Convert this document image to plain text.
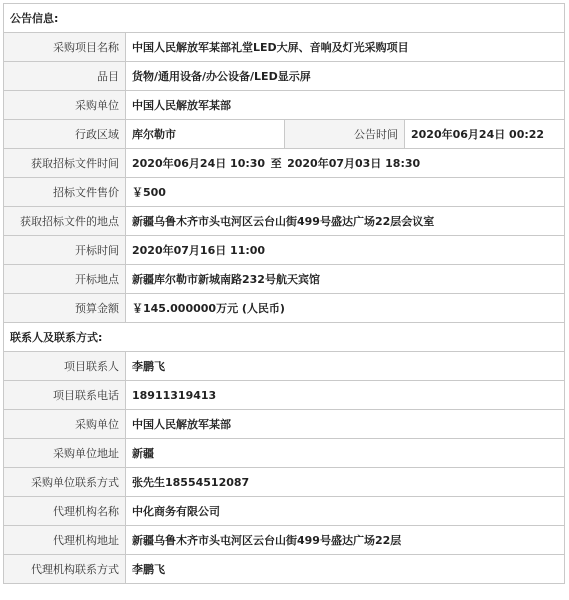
公告信息:			
采购项目名称	中国人民解放军某部礼堂LED大屏、音响及灯光采购项目		
品目	货物/通用设备/办公设备/LED显示屏		
采购单位	中国人民解放军某部		
行政区域	库尔勒市	公告时间	2020年06月24日 00:22
获取招标文件时间	2020年06月24日 10:30 至 2020年07月03日 18:30		
招标文件售价	￥500		
获取招标文件的地点	新疆乌鲁木齐市头屯河区云台山街499号盛达广场22层会议室		
开标时间	2020年07月16日 11:00		
开标地点	新疆库尔勒市新城南路232号航天宾馆		
预算金额	￥145.000000万元 (人民币)		
联系人及联系方式:			
项目联系人	李鹏飞		
项目联系电话	18911319413		
采购单位	中国人民解放军某部		
采购单位地址	新疆		
采购单位联系方式	张先生18554512087		
代理机构名称	中化商务有限公司		
代理机构地址	新疆乌鲁木齐市头屯河区云台山街499号盛达广场22层		
代理机构联系方式	李鹏飞		
